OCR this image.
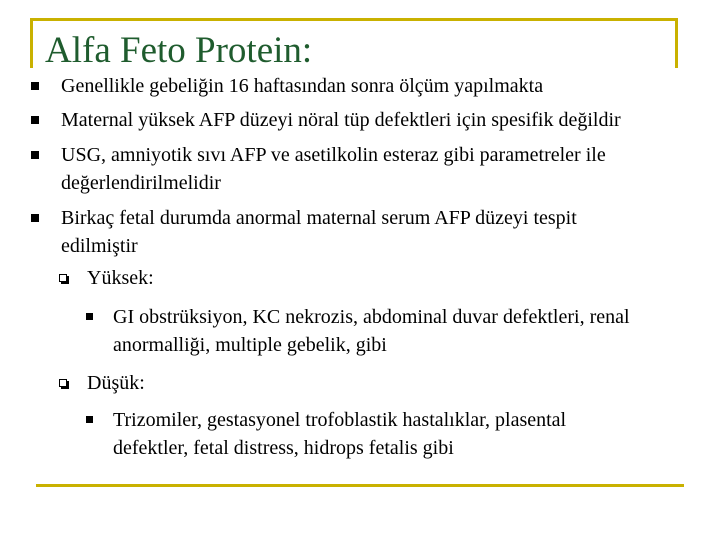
Alfa Feto Protein:
Genellikle gebeliğin 16 haftasından sonra ölçüm yapılmakta
Maternal yüksek AFP düzeyi nöral tüp defektleri için spesifik değildir
USG, amniyotik sıvı AFP ve asetilkolin esteraz gibi parametreler ile değerlendirilmelidir
Birkaç fetal durumda anormal maternal serum AFP düzeyi tespit edilmiştir
Yüksek:
GI obstrüksiyon, KC nekrozis, abdominal duvar defektleri, renal anormalliği, multiple gebelik, gibi
Düşük:
Trizomiler, gestasyonel trofoblastik hastalıklar, plasental defektler, fetal distress, hidrops fetalis gibi
